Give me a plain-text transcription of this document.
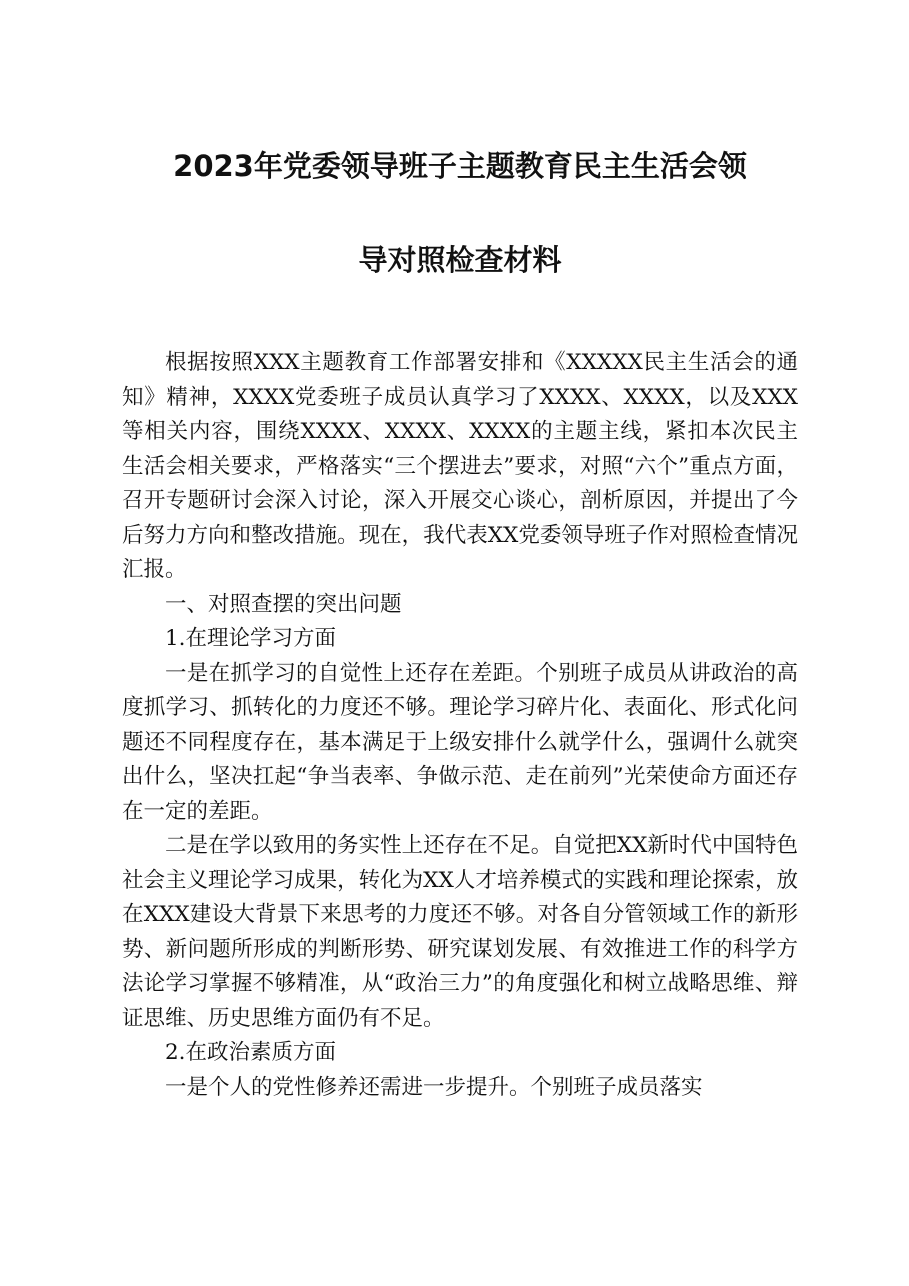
2023年党委领导班子主题教育民主生活会领
导对照检查材料

根据按照XXX主题教育工作部署安排和《XXXXX民主生活会的通知》精神，XXXX党委班子成员认真学习了XXXX、XXXX，以及XXX等相关内容，围绕XXXX、XXXX、XXXX的主题主线，紧扣本次民主生活会相关要求，严格落实“三个摆进去”要求，对照“六个”重点方面，召开专题研讨会深入讨论，深入开展交心谈心，剖析原因，并提出了今后努力方向和整改措施。现在，我代表XX党委领导班子作对照检查情况汇报。

一、对照查摆的突出问题

1.在理论学习方面

一是在抓学习的自觉性上还存在差距。个别班子成员从讲政治的高度抓学习、抓转化的力度还不够。理论学习碎片化、表面化、形式化问题还不同程度存在，基本满足于上级安排什么就学什么，强调什么就突出什么，坚决扛起“争当表率、争做示范、走在前列”光荣使命方面还存在一定的差距。

二是在学以致用的务实性上还存在不足。自觉把XX新时代中国特色社会主义理论学习成果，转化为XX人才培养模式的实践和理论探索，放在XXX建设大背景下来思考的力度还不够。对各自分管领域工作的新形势、新问题所形成的判断形势、研究谋划发展、有效推进工作的科学方法论学习掌握不够精准，从“政治三力”的角度强化和树立战略思维、辩证思维、历史思维方面仍有不足。

2.在政治素质方面

一是个人的党性修养还需进一步提升。个别班子成员落实
